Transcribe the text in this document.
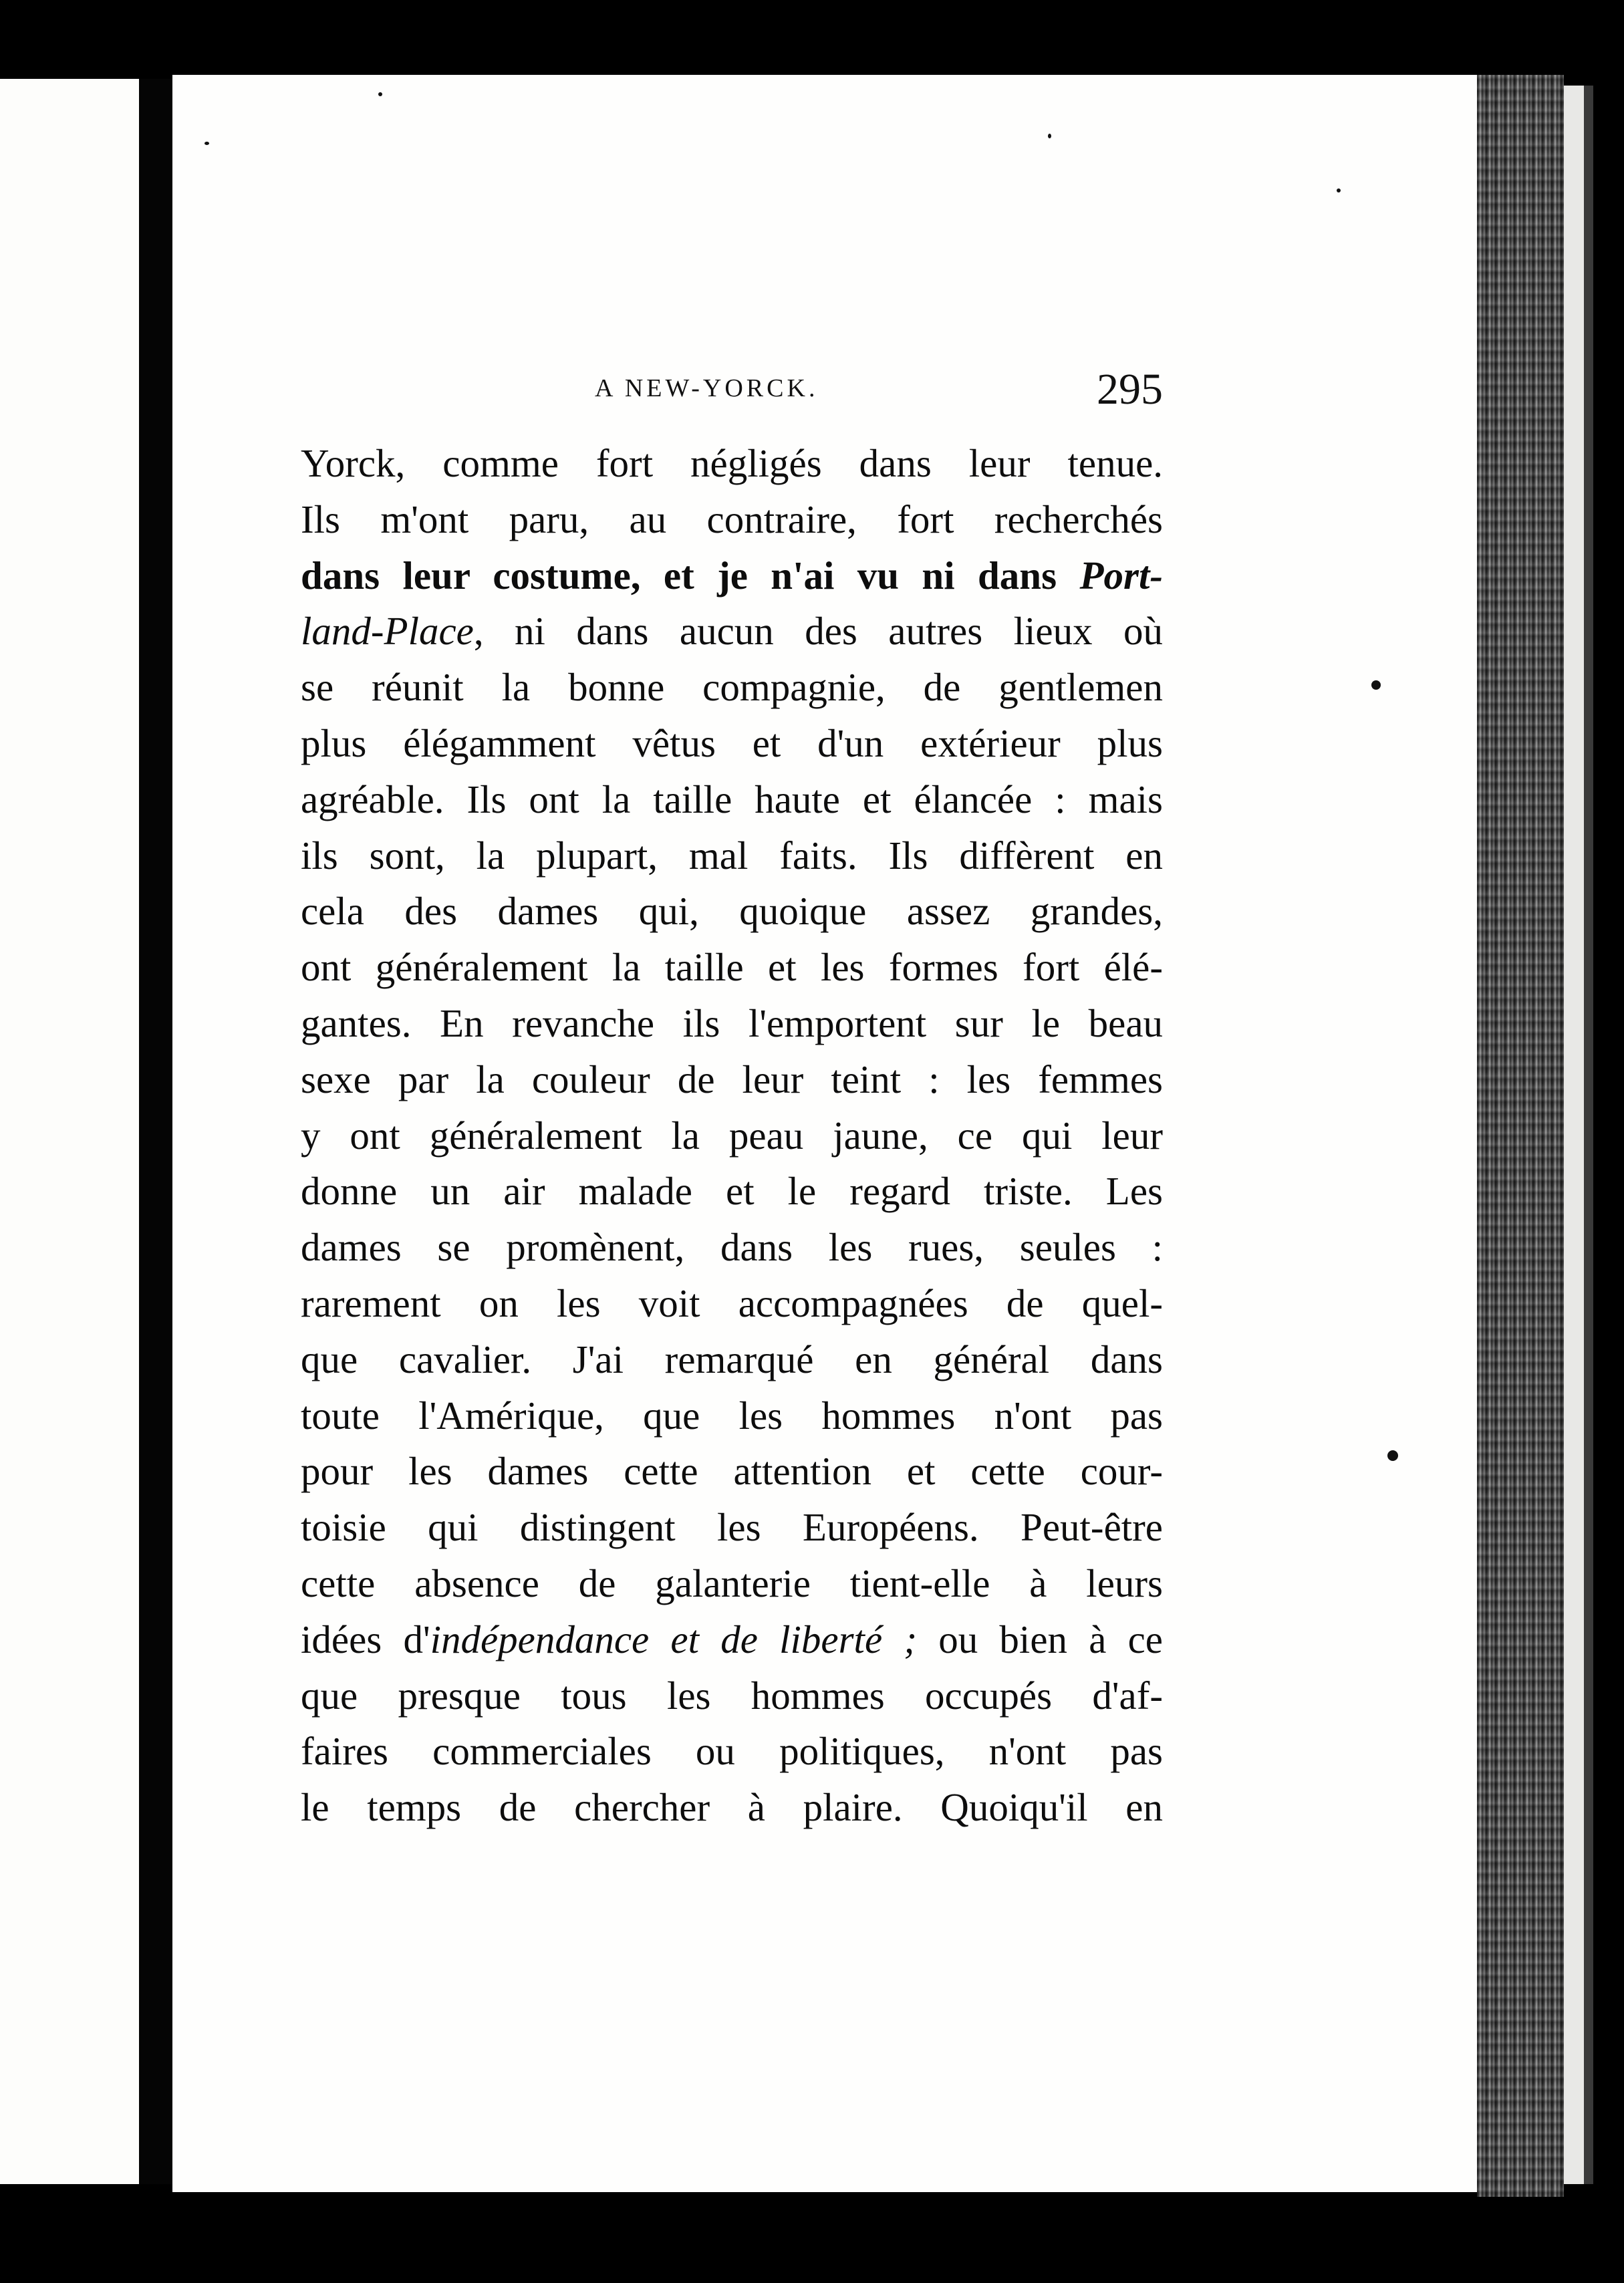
A NEW-YORCK.	295
Yorck, comme fort négligés dans leur tenue.
Ils m'ont paru, au contraire, fort recherchés
dans leur costume, et je n'ai vu ni dans Port-
land-Place, ni dans aucun des autres lieux où
se réunit la bonne compagnie, de gentlemen
plus élégamment vêtus et d'un extérieur plus
agréable. Ils ont la taille haute et élancée : mais
ils sont, la plupart, mal faits. Ils diffèrent en
cela des dames qui, quoique assez grandes,
ont généralement la taille et les formes fort élé-
gantes. En revanche ils l'emportent sur le beau
sexe par la couleur de leur teint : les femmes
y ont généralement la peau jaune, ce qui leur
donne un air malade et le regard triste. Les
dames se promènent, dans les rues, seules :
rarement on les voit accompagnées de quel-
que cavalier. J'ai remarqué en général dans
toute l'Amérique, que les hommes n'ont pas
pour les dames cette attention et cette cour-
toisie qui distingent les Européens. Peut-être
cette absence de galanterie tient-elle à leurs
idées d'indépendance et de liberté ; ou bien à ce
que presque tous les hommes occupés d'af-
faires commerciales ou politiques, n'ont pas
le temps de chercher à plaire. Quoiqu'il en
